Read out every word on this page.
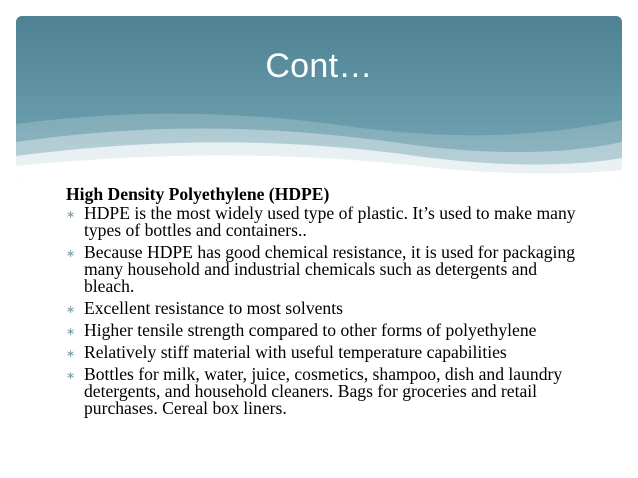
Cont…
High Density Polyethylene (HDPE)
∗ HDPE is the most widely used type of plastic. It’s used to make many types of bottles and containers..
∗ Because HDPE has good chemical resistance, it is used for packaging many household and industrial chemicals such as detergents and bleach.
∗ Excellent resistance to most solvents
∗ Higher tensile strength compared to other forms of polyethylene
∗ Relatively stiff material with useful temperature capabilities
∗ Bottles for milk, water, juice, cosmetics, shampoo, dish and laundry detergents, and household cleaners. Bags for groceries and retail purchases. Cereal box liners.
